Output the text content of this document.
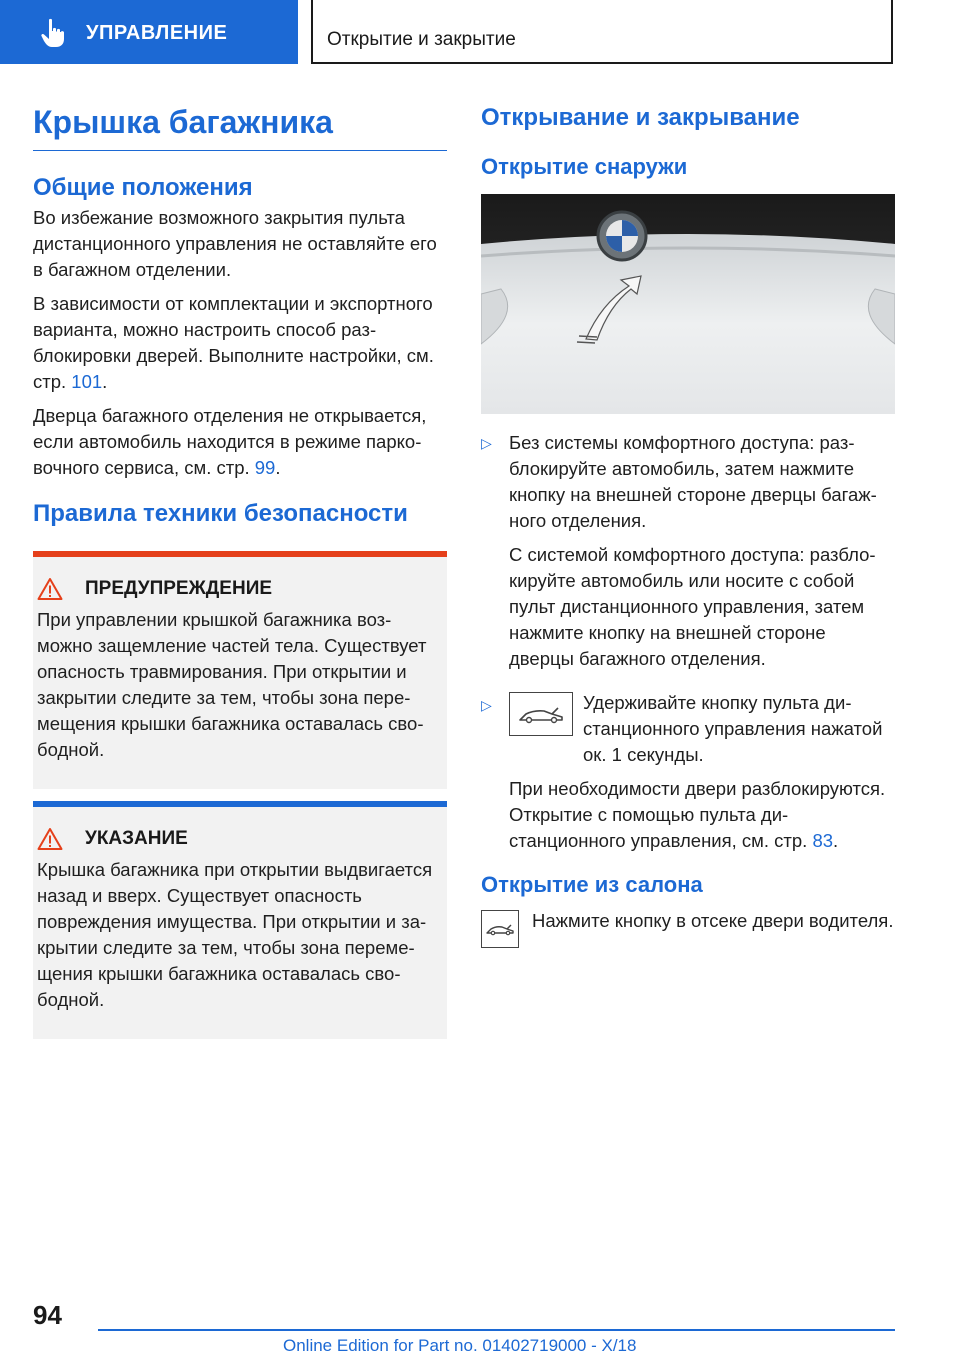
УПРАВЛЕНИЕ	Открытие и закрытие
Крышка багажника
Общие положения

Во избежание возможного закрытия пульта дистанционного управления не оставляйте его в багажном отделении.

В зависимости от комплектации и экспортного варианта, можно настроить способ разблокировки дверей. Выполните настройки, см. стр. 101.

Дверца багажного отделения не открывается, если автомобиль находится в режиме парковочного сервиса, см. стр. 99.

Правила техники безопасности
ПРЕДУПРЕЖДЕНИЕ

При управлении крышкой багажника возможно защемление частей тела. Существует опасность травмирования. При открытии и закрытии следите за тем, чтобы зона перемещения крышки багажника оставалась свободной.

УКАЗАНИЕ

Крышка багажника при открытии выдвигается назад и вверх. Существует опасность повреждения имущества. При открытии и закрытии следите за тем, чтобы зона перемещения крышки багажника оставалась свободной.

Открывание и закрывание
Открытие снаружи
▷ Без системы комфортного доступа: разблокируйте автомобиль, затем нажмите кнопку на внешней стороне дверцы багажного отделения.

С системой комфортного доступа: разблокируйте автомобиль или носите с собой пульт дистанционного управления, затем нажмите кнопку на внешней стороне дверцы багажного отделения.

▷	Удерживайте кнопку пульта дистанционного управления нажатой ок. 1 секунды.

При необходимости двери разблокируются. Открытие с помощью пульта дистанционного управления, см. стр. 83.

Открытие из салона

Нажмите кнопку в отсеке двери водителя.

94
Online Edition for Part no. 01402719000 - X/18
